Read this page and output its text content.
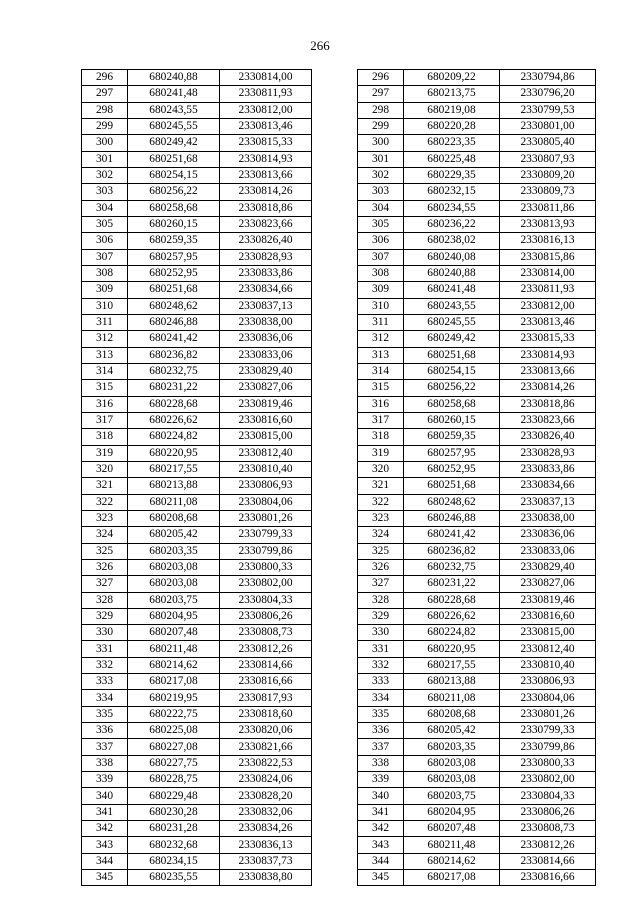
266
296	680240,88	2330814,00		296	680209,22	2330794,86
297	680241,48	2330811,93		297	680213,75	2330796,20
298	680243,55	2330812,00		298	680219,08	2330799,53
299	680245,55	2330813,46		299	680220,28	2330801,00
300	680249,42	2330815,33		300	680223,35	2330805,40
301	680251,68	2330814,93		301	680225,48	2330807,93
302	680254,15	2330813,66		302	680229,35	2330809,20
303	680256,22	2330814,26		303	680232,15	2330809,73
304	680258,68	2330818,86		304	680234,55	2330811,86
305	680260,15	2330823,66		305	680236,22	2330813,93
306	680259,35	2330826,40		306	680238,02	2330816,13
307	680257,95	2330828,93		307	680240,08	2330815,86
308	680252,95	2330833,86		308	680240,88	2330814,00
309	680251,68	2330834,66		309	680241,48	2330811,93
310	680248,62	2330837,13		310	680243,55	2330812,00
311	680246,88	2330838,00		311	680245,55	2330813,46
312	680241,42	2330836,06		312	680249,42	2330815,33
313	680236,82	2330833,06		313	680251,68	2330814,93
314	680232,75	2330829,40		314	680254,15	2330813,66
315	680231,22	2330827,06		315	680256,22	2330814,26
316	680228,68	2330819,46		316	680258,68	2330818,86
317	680226,62	2330816,60		317	680260,15	2330823,66
318	680224,82	2330815,00		318	680259,35	2330826,40
319	680220,95	2330812,40		319	680257,95	2330828,93
320	680217,55	2330810,40		320	680252,95	2330833,86
321	680213,88	2330806,93		321	680251,68	2330834,66
322	680211,08	2330804,06		322	680248,62	2330837,13
323	680208,68	2330801,26		323	680246,88	2330838,00
324	680205,42	2330799,33		324	680241,42	2330836,06
325	680203,35	2330799,86		325	680236,82	2330833,06
326	680203,08	2330800,33		326	680232,75	2330829,40
327	680203,08	2330802,00		327	680231,22	2330827,06
328	680203,75	2330804,33		328	680228,68	2330819,46
329	680204,95	2330806,26		329	680226,62	2330816,60
330	680207,48	2330808,73		330	680224,82	2330815,00
331	680211,48	2330812,26		331	680220,95	2330812,40
332	680214,62	2330814,66		332	680217,55	2330810,40
333	680217,08	2330816,66		333	680213,88	2330806,93
334	680219,95	2330817,93		334	680211,08	2330804,06
335	680222,75	2330818,60		335	680208,68	2330801,26
336	680225,08	2330820,06		336	680205,42	2330799,33
337	680227,08	2330821,66		337	680203,35	2330799,86
338	680227,75	2330822,53		338	680203,08	2330800,33
339	680228,75	2330824,06		339	680203,08	2330802,00
340	680229,48	2330828,20		340	680203,75	2330804,33
341	680230,28	2330832,06		341	680204,95	2330806,26
342	680231,28	2330834,26		342	680207,48	2330808,73
343	680232,68	2330836,13		343	680211,48	2330812,26
344	680234,15	2330837,73		344	680214,62	2330814,66
345	680235,55	2330838,80		345	680217,08	2330816,66
